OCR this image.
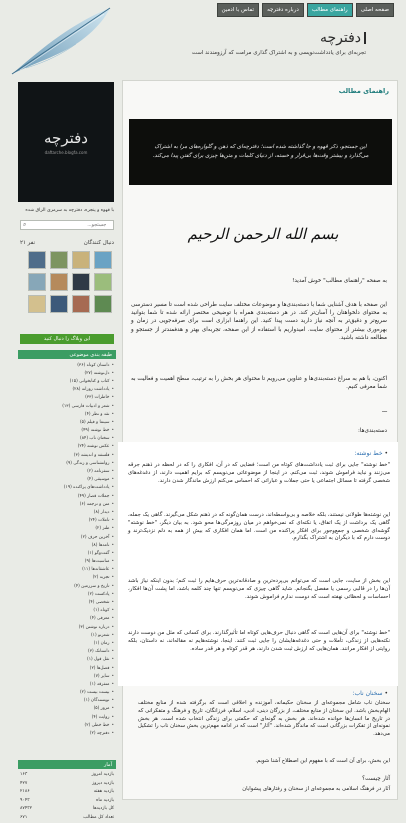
صفحه اصلی
راهنمای مطالب
درباره دفترچه
تماس با ادمین
دفترچه
تجربه‌ای برای یادداشت‌نویسی و به اشتراک گذاری مرامت که آرزومندند است
دفترچه
daftarche.blogfa.com
با قهوه و پنجره، دفترچه به سرمزی الزاق شده
⌕
جستجو...
۲۱ نفر	دنبال کنندگان
این وبلاگ را دنبال کنید
طبقه بندی موضوعی
• داستان کوتاه (۳۶)
• دل‌نوشته (۲۷)
• کتاب و کتابخوانی (۱۵)
• یادداشت روزانه (۲۸)
• خاطرات (۳۳)
• شعر و ادبیات فارسی (۱۳)
• نقد و نظر (۴)
• سینما و فیلم (۵)
• خط نوشته (۴۹)
• سخنان ناب (۸۴)
• عکس نوشته (۲۴)
• فلسفه و اندیشه (۳)
• روانشناسی و زندگی (۹)
• سفرنامه (۲)
• موسیقی (۴)
• یادداشت‌های پراکنده (۱۹)
• جملات قصار (۴۹)
• متن و ترجمه (۶)
• دیدار (۸)
• تاملات (۲۴)
• طنز (۲)
• آخرین حرف (۲)
• نامه‌ها (۸)
• گفت‌وگو (۱)
• مناسبت‌ها (۹)
• عاشقانه‌ها (۱۱)
• تجربه (۲)
• تاریخ و سرزمین (۴)
• پادکست (۲)
• شخصی (۴)
• کوتاه (۱)
• معرفی (۴)
• درباره نوشتن (۳)
• شعرنو (۱)
• رمان (۱)
• داستانک (۳)
• نقل قول (۱)
• فصل‌ها (۲)
• سایر (۷)
• متفرقه (۱)
• بیست بیست (۲)
• نویسندگان (۱)
• مرور (۵)
• روایت (۴)
• خط خطی (۲)
• دفترچه (۲)
آمار
بازدید امروز
۱۶۳
بازدید دیروز
۴۲۷
بازدید هفته
۲۱۸۶
بازدید ماه
۹۰۴۳
کل بازدیدها
۸۷۴۳۲
تعداد کل مطالب
۶۷۱
راهنمای مطالب
این جستجو، ذکر قهوه و جا گذاشته شده است؛ دفترچه‌ای که ذهن و گلواره‌های مرا به اشتراک می‌گذارد و بیشتر وقت‌ها بی‌قرار و خسته، از دنیای کلمات و متن‌ها چیزی برای گفتن پیدا می‌کند.
بسم الله الرحمن الرحیم
به صفحه "راهنمای مطالب" خوش آمدید!
این صفحه با هدف آشنایی شما با دسته‌بندی‌ها و موضوعات مختلف سایت طراحی شده است تا مسیر دسترسی به محتوای دلخواهتان را آسان‌تر کند. در هر دسته‌بندی همراه با توضیحی مختصر ارائه شده تا شما بتوانید سریع‌تر و دقیق‌تر به آنچه نیاز دارید دست پیدا کنید. این راهنما ابزاری است برای صرفه‌جویی در زمان و بهره‌وری بیشتر از محتوای سایت. امیدواریم با استفاده از این صفحه، تجربه‌ای بهتر و هدفمندتر از جستجو و مطالعه داشته باشید.
اکنون، با هم به سراغ دسته‌بندی‌ها و عناوین می‌رویم تا محتوای هر بخش را به ترتیب، سطح اهمیت و فعالیت به شما معرفی کنیم.
ـــ
دسته‌بندی‌ها:
• خط نوشته:
"خط نوشته" جایی برای ثبت یادداشت‌های کوتاه من است؛ فضایی که در آن، افکاری را که در لحظه در ذهنم جرقه می‌زنند و نباید فراموش شوند، ثبت می‌کنم. در اینجا از موضوعاتی می‌نویسم که برایم اهمیت دارند، از دغدغه‌های شخصی گرفته تا مسائل اجتماعی یا حتی جملات و عباراتی که احساس می‌کنم ارزش ماندگار شدن دارند.
این نوشته‌ها طولانی نیستند، بلکه خلاصه و بی‌واسطه‌اند، درست همان‌گونه که در ذهنم شکل می‌گیرند. گاهی یک جمله، گاهی یک برداشت از یک اتفاق، یا نکته‌ای که نمی‌خواهم در میان روزمرگی‌ها محو شود. به بیان دیگر، "خط نوشته" گوشه‌ای شخصی و جمع‌وجور برای افکار پراکنده من است. اما همان افکاری که بیش از همه به دلم نزدیک‌ترند و دوست دارم که با دیگران به اشتراک بگذارم.
این بخش از سایت، جایی است که می‌توانم بی‌پرده‌ترین و صادقانه‌ترین حرف‌هایم را ثبت کنم؛ بدون اینکه نیاز باشد آن‌ها را در قالبی رسمی یا مفصل بگنجانم. شاید گاهی چیزی که می‌نویسم تنها چند کلمه باشد، اما پشت آن‌ها افکار، احساسات و لحظاتی نهفته است که دوست ندارم فراموش شوند.
"خط نوشته" برای آن‌هایی است که گاهی دنبال حرف‌هایی کوتاه اما تأثیرگذارند. برای کسانی که مثل من دوست دارند نکته‌هایی از زندگی، تأملات و حتی دغدغه‌هایشان را جایی ثبت کنند. اینجا، نوشته‌هایم نه مقاله‌اند، نه داستان، بلکه روایتی از افکار مرا‌نند. همان‌هایی که ارزش ثبت شدن دارند، هر قدر کوتاه و هر قدر ساده.
• سخنان ناب:
سخنان ناب شامل مجموعه‌ای از سخنان حکیمانه، آموزنده و اخلاقی است که برگرفته شده از منابع مختلف الهام‌بخش باشد. این سخنان از منابع مختلف، از بزرگان دینی، ادبی، اسلام، فرزانگان، تاریخ و فرهنگ و متفکرانی که در تاریخ ما انسان‌ها خوانده شده‌اند. هر بخش به گونه‌ای که حکمتی برای زندگی انتخاب شده است. هر بخش نمونه‌ای از تفکرات بزرگانی است که ماندگار شده‌اند. "آثار" است که در ادامه مهم‌ترین بخش سخنان ناب را تشکیل می‌دهد.
این بخش، برای آن است که با مفهوم این اصطلاح آشنا شویم.
آثار چیست؟
آثار در فرهنگ اسلامی به مجموعه‌ای از سخنان و رفتارهای پیشوایان
